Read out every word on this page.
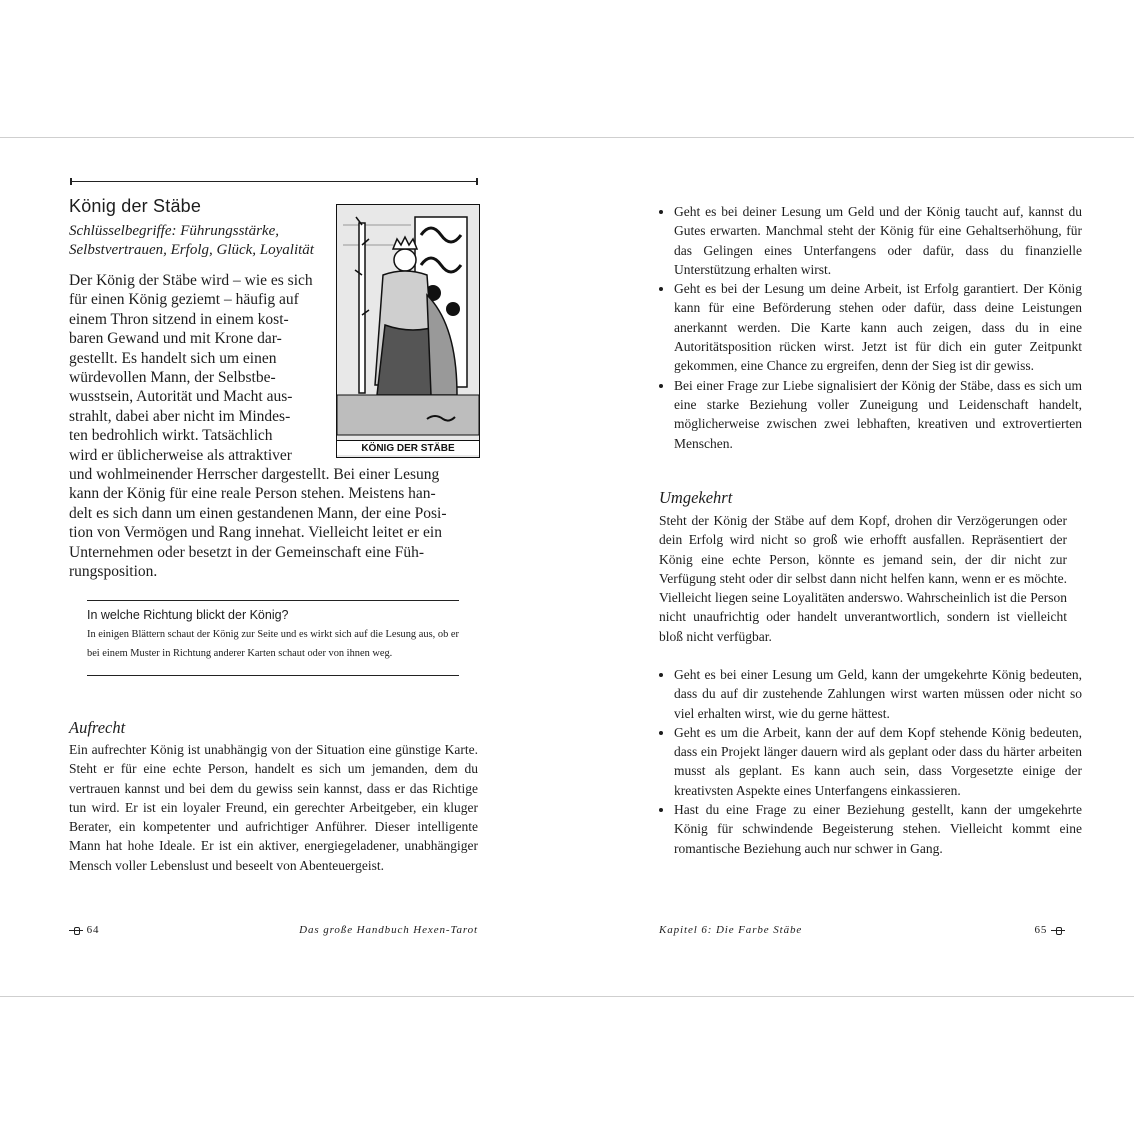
König der Stäbe
Schlüsselbegriffe: Führungsstärke,
Selbstvertrauen, Erfolg, Glück, Loyalität
KÖNIG DER STÄBE

Der König der Stäbe wird – wie es sich
für einen König geziemt – häufig auf
einem Thron sitzend in einem kost-
baren Gewand und mit Krone dar-
gestellt. Es handelt sich um einen
würdevollen Mann, der Selbstbe-
wusstsein, Autorität und Macht aus-
strahlt, dabei aber nicht im Mindes-
ten bedrohlich wirkt. Tatsächlich
wird er üblicherweise als attraktiver
und wohlmeinender Herrscher dargestellt. Bei einer Lesung
kann der König für eine reale Person stehen. Meistens han-
delt es sich dann um einen gestandenen Mann, der eine Posi-
tion von Vermögen und Rang innehat. Vielleicht leitet er ein
Unternehmen oder besetzt in der Gemeinschaft eine Füh-
rungsposition.

In welche Richtung blickt der König?

In einigen Blättern schaut der König zur Seite und es wirkt sich auf die Lesung aus, ob er bei einem Muster in Richtung anderer Karten schaut oder von ihnen weg.

Aufrecht

Ein aufrechter König ist unabhängig von der Situation eine günstige Karte. Steht er für eine echte Person, handelt es sich um jemanden, dem du vertrauen kannst und bei dem du gewiss sein kannst, dass er das Richtige tun wird. Er ist ein loyaler Freund, ein gerechter Arbeitgeber, ein kluger Berater, ein kompetenter und aufrichtiger Anführer. Dieser intelligente Mann hat hohe Ideale. Er ist ein aktiver, energiegeladener, unabhängiger Mensch voller Lebenslust und beseelt von Abenteuergeist.

64	Das große Handbuch Hexen-Tarot
• Geht es bei deiner Lesung um Geld und der König taucht auf, kannst du Gutes erwarten. Manchmal steht der König für eine Gehaltserhöhung, für das Gelingen eines Unterfangens oder dafür, dass du finanzielle Unterstützung erhalten wirst.
• Geht es bei der Lesung um deine Arbeit, ist Erfolg garantiert. Der König kann für eine Beförderung stehen oder dafür, dass deine Leistungen anerkannt werden. Die Karte kann auch zeigen, dass du in eine Autoritätsposition rücken wirst. Jetzt ist für dich ein guter Zeitpunkt gekommen, eine Chance zu ergreifen, denn der Sieg ist dir gewiss.
• Bei einer Frage zur Liebe signalisiert der König der Stäbe, dass es sich um eine starke Beziehung voller Zuneigung und Leidenschaft handelt, möglicherweise zwischen zwei lebhaften, kreativen und extrovertierten Menschen.
Umgekehrt

Steht der König der Stäbe auf dem Kopf, drohen dir Verzögerungen oder dein Erfolg wird nicht so groß wie erhofft ausfallen. Repräsentiert der König eine echte Person, könnte es jemand sein, der dir nicht zur Verfügung steht oder dir selbst dann nicht helfen kann, wenn er es möchte. Vielleicht liegen seine Loyalitäten anderswo. Wahrscheinlich ist die Person nicht unaufrichtig oder handelt unverantwortlich, sondern ist vielleicht bloß nicht verfügbar.

• Geht es bei einer Lesung um Geld, kann der umgekehrte König bedeuten, dass du auf dir zustehende Zahlungen wirst warten müssen oder nicht so viel erhalten wirst, wie du gerne hättest.
• Geht es um die Arbeit, kann der auf dem Kopf stehende König bedeuten, dass ein Projekt länger dauern wird als geplant oder dass du härter arbeiten musst als geplant. Es kann auch sein, dass Vorgesetzte einige der kreativsten Aspekte eines Unterfangens einkassieren.
• Hast du eine Frage zu einer Beziehung gestellt, kann der umgekehrte König für schwindende Begeisterung stehen. Vielleicht kommt eine romantische Beziehung auch nur schwer in Gang.
Kapitel 6: Die Farbe Stäbe	65
